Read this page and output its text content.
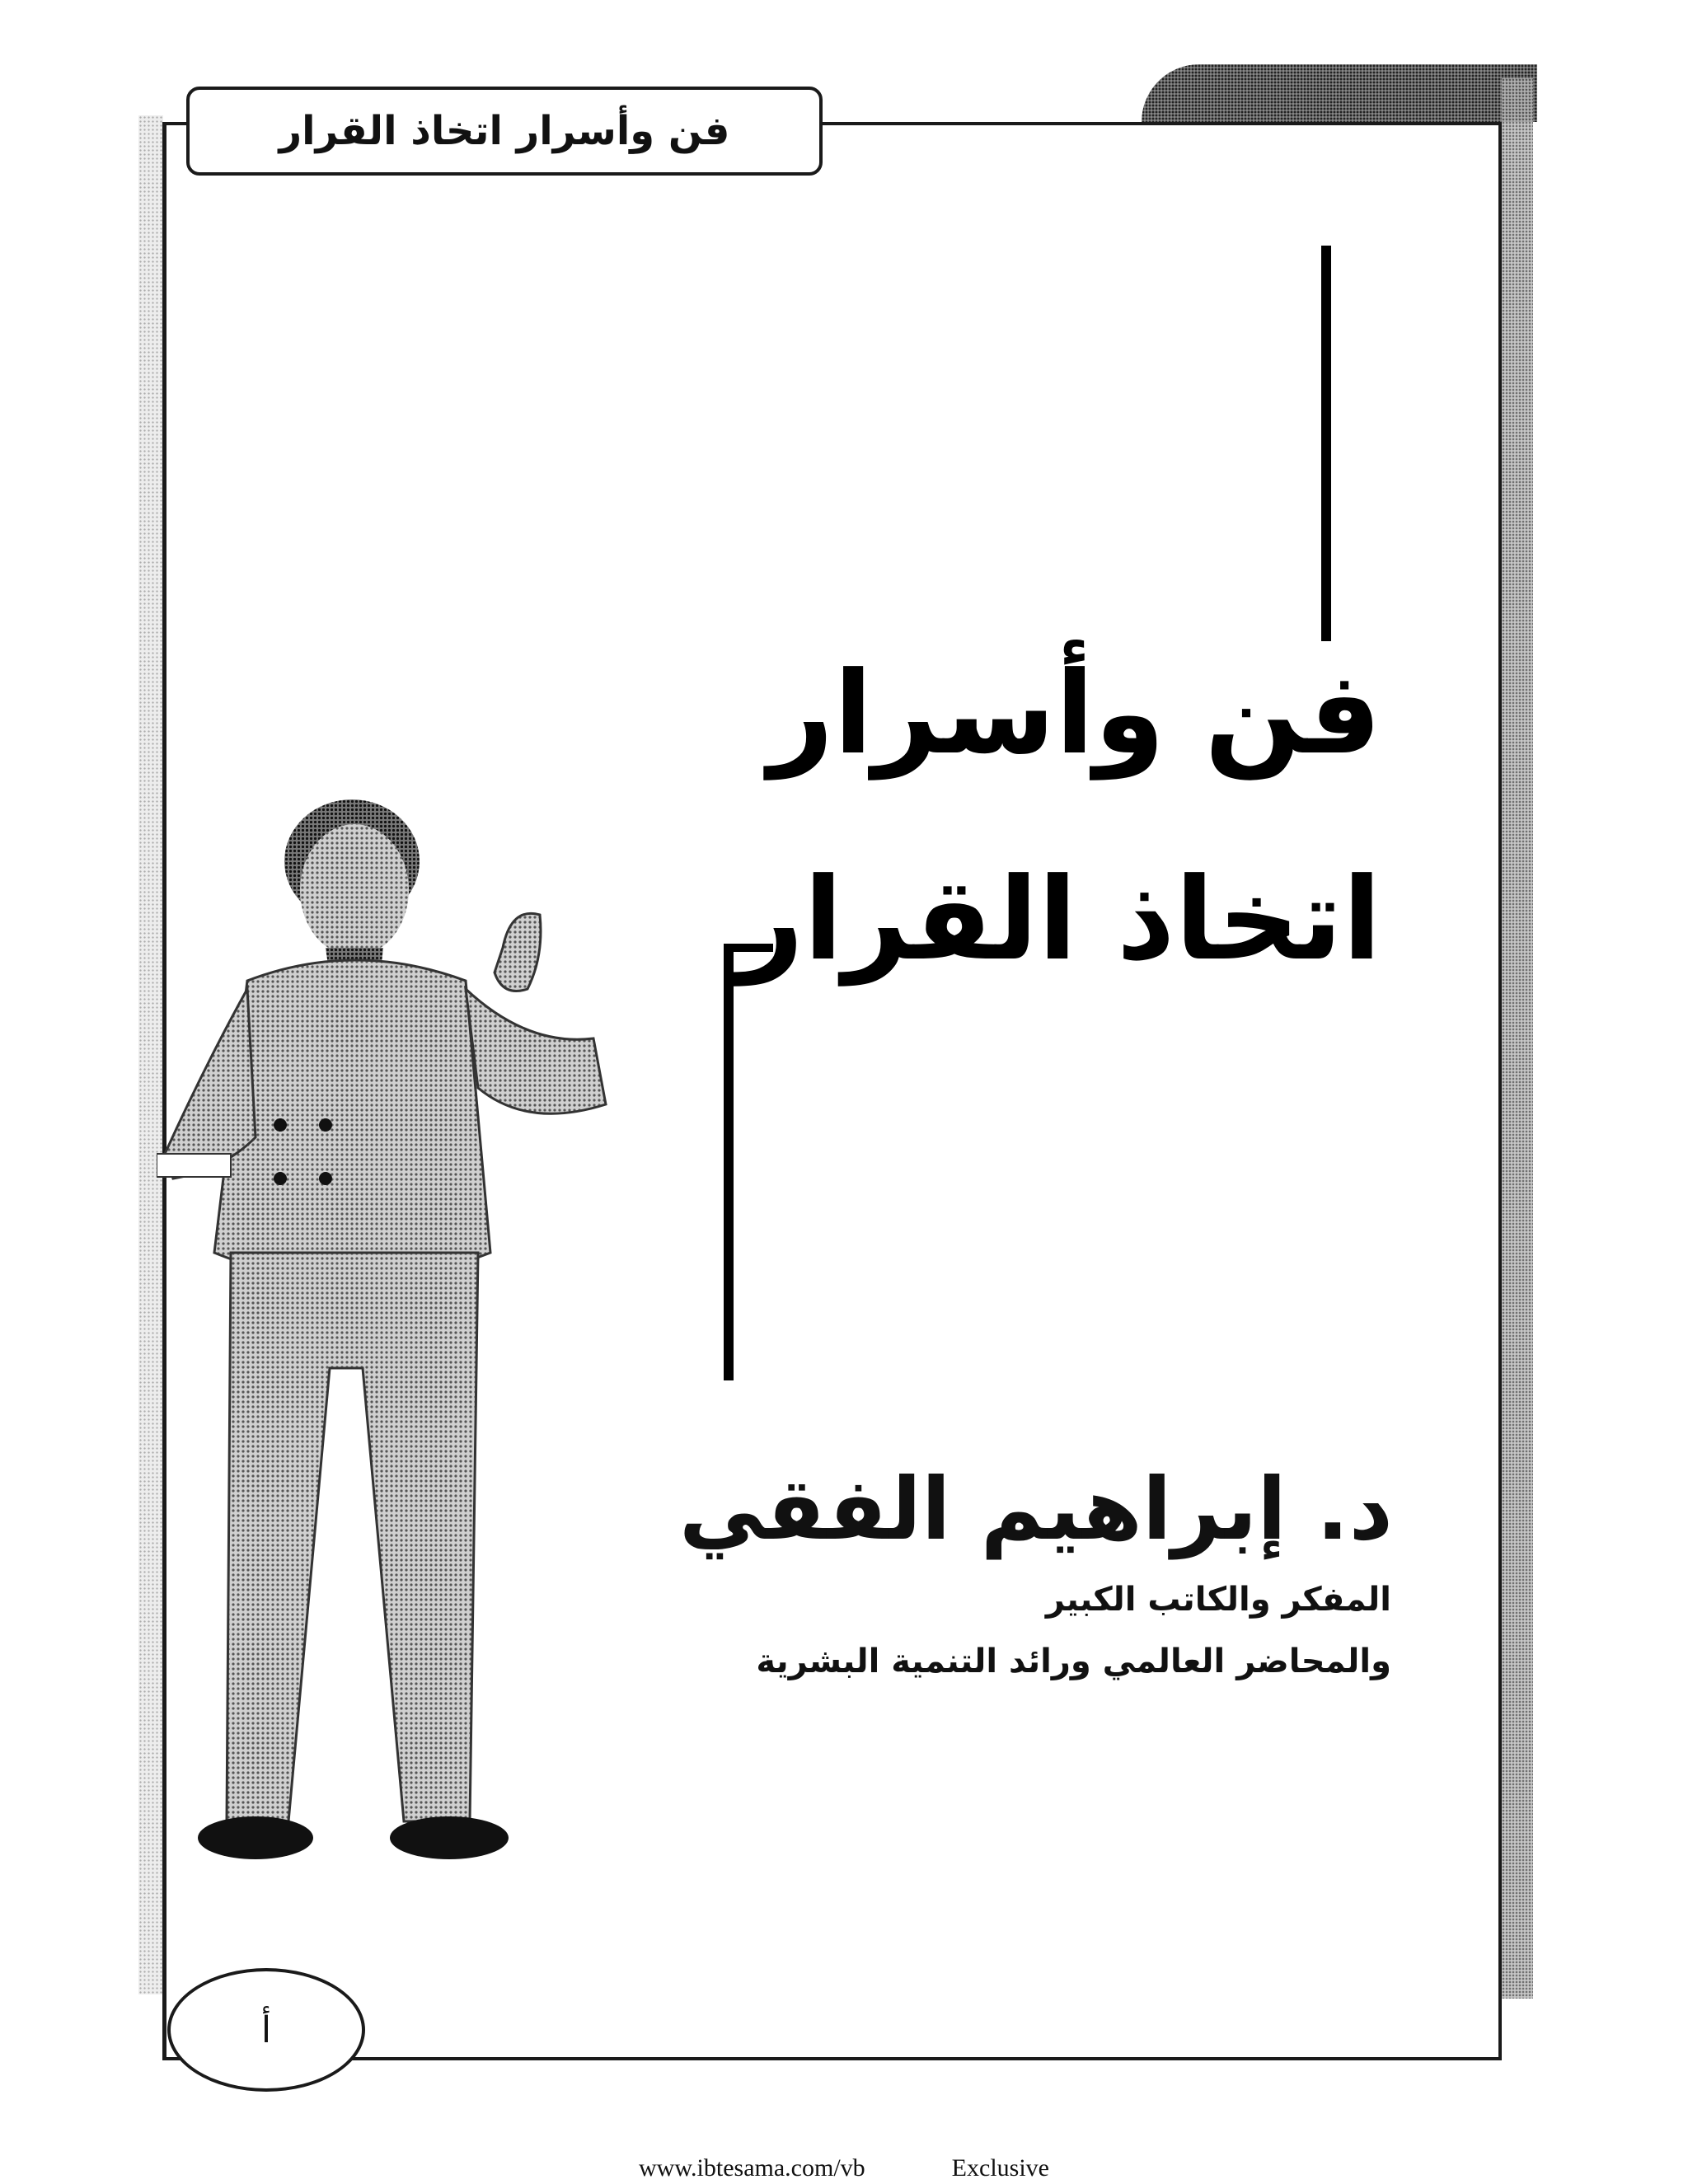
فن وأسرار اتخاذ القرار
فن وأسرار
اتخاذ القرار
د. إبراهيم الفقي
المفكر والكاتب الكبير
والمحاضر العالمي ورائد التنمية البشرية
أ
www.ibtesama.com/vb	Exclusive
